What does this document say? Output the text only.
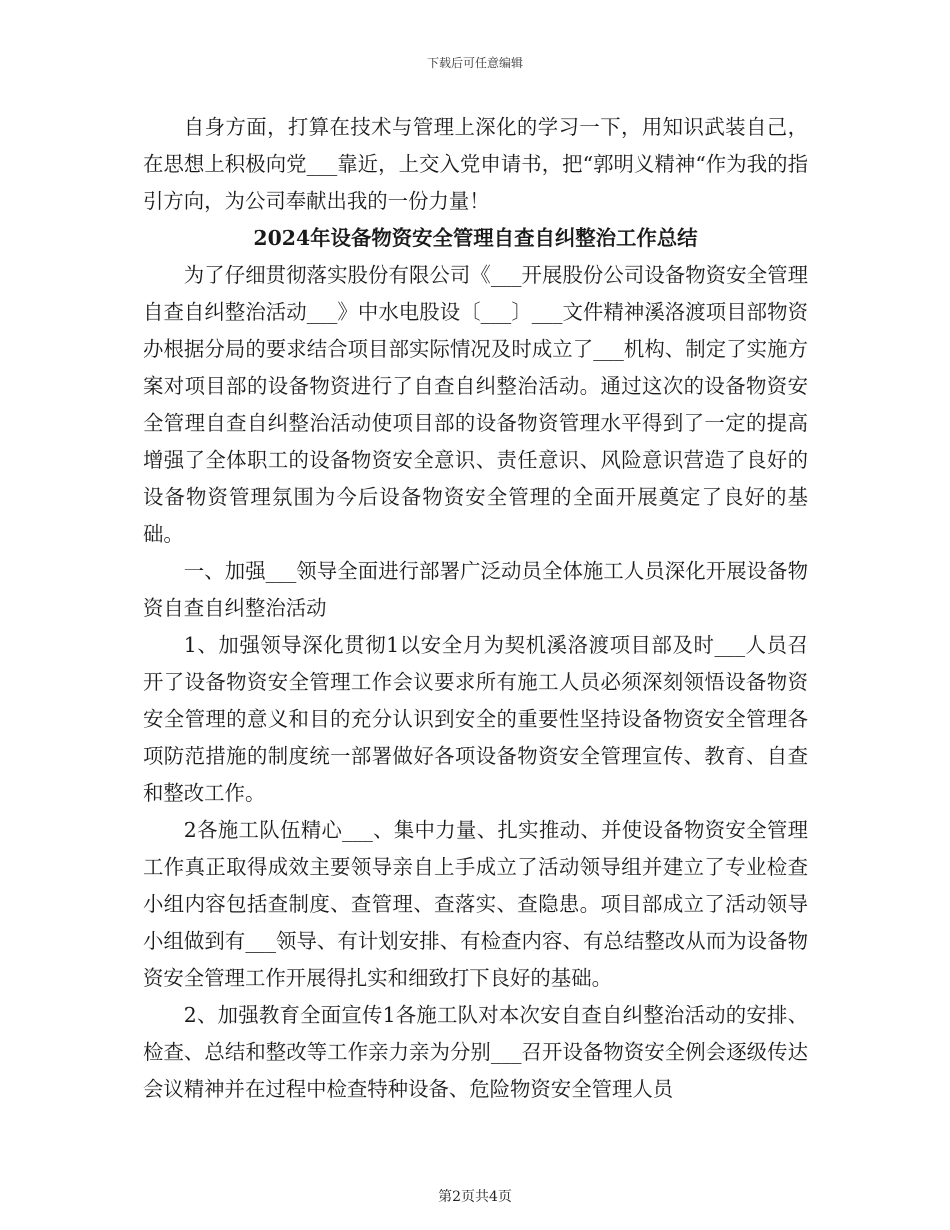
下载后可任意编辑

自身方面，打算在技术与管理上深化的学习一下，用知识武装自己，在思想上积极向党___靠近，上交入党申请书，把“郭明义精神“作为我的指引方向，为公司奉献出我的一份力量！

2024年设备物资安全管理自查自纠整治工作总结

为了仔细贯彻落实股份有限公司《___开展股份公司设备物资安全管理自查自纠整治活动___》中水电股设〔___〕___文件精神溪洛渡项目部物资办根据分局的要求结合项目部实际情况及时成立了___机构、制定了实施方案对项目部的设备物资进行了自查自纠整治活动。通过这次的设备物资安全管理自查自纠整治活动使项目部的设备物资管理水平得到了一定的提高增强了全体职工的设备物资安全意识、责任意识、风险意识营造了良好的设备物资管理氛围为今后设备物资安全管理的全面开展奠定了良好的基础。

一、加强___领导全面进行部署广泛动员全体施工人员深化开展设备物资自查自纠整治活动

1、加强领导深化贯彻1以安全月为契机溪洛渡项目部及时___人员召开了设备物资安全管理工作会议要求所有施工人员必须深刻领悟设备物资安全管理的意义和目的充分认识到安全的重要性坚持设备物资安全管理各项防范措施的制度统一部署做好各项设备物资安全管理宣传、教育、自查和整改工作。

2各施工队伍精心___、集中力量、扎实推动、并使设备物资安全管理工作真正取得成效主要领导亲自上手成立了活动领导组并建立了专业检查小组内容包括查制度、查管理、查落实、查隐患。项目部成立了活动领导小组做到有___领导、有计划安排、有检查内容、有总结整改从而为设备物资安全管理工作开展得扎实和细致打下良好的基础。

2、加强教育全面宣传1各施工队对本次安自查自纠整治活动的安排、检查、总结和整改等工作亲力亲为分别___召开设备物资安全例会逐级传达会议精神并在过程中检查特种设备、危险物资安全管理人员

第2页共4页
